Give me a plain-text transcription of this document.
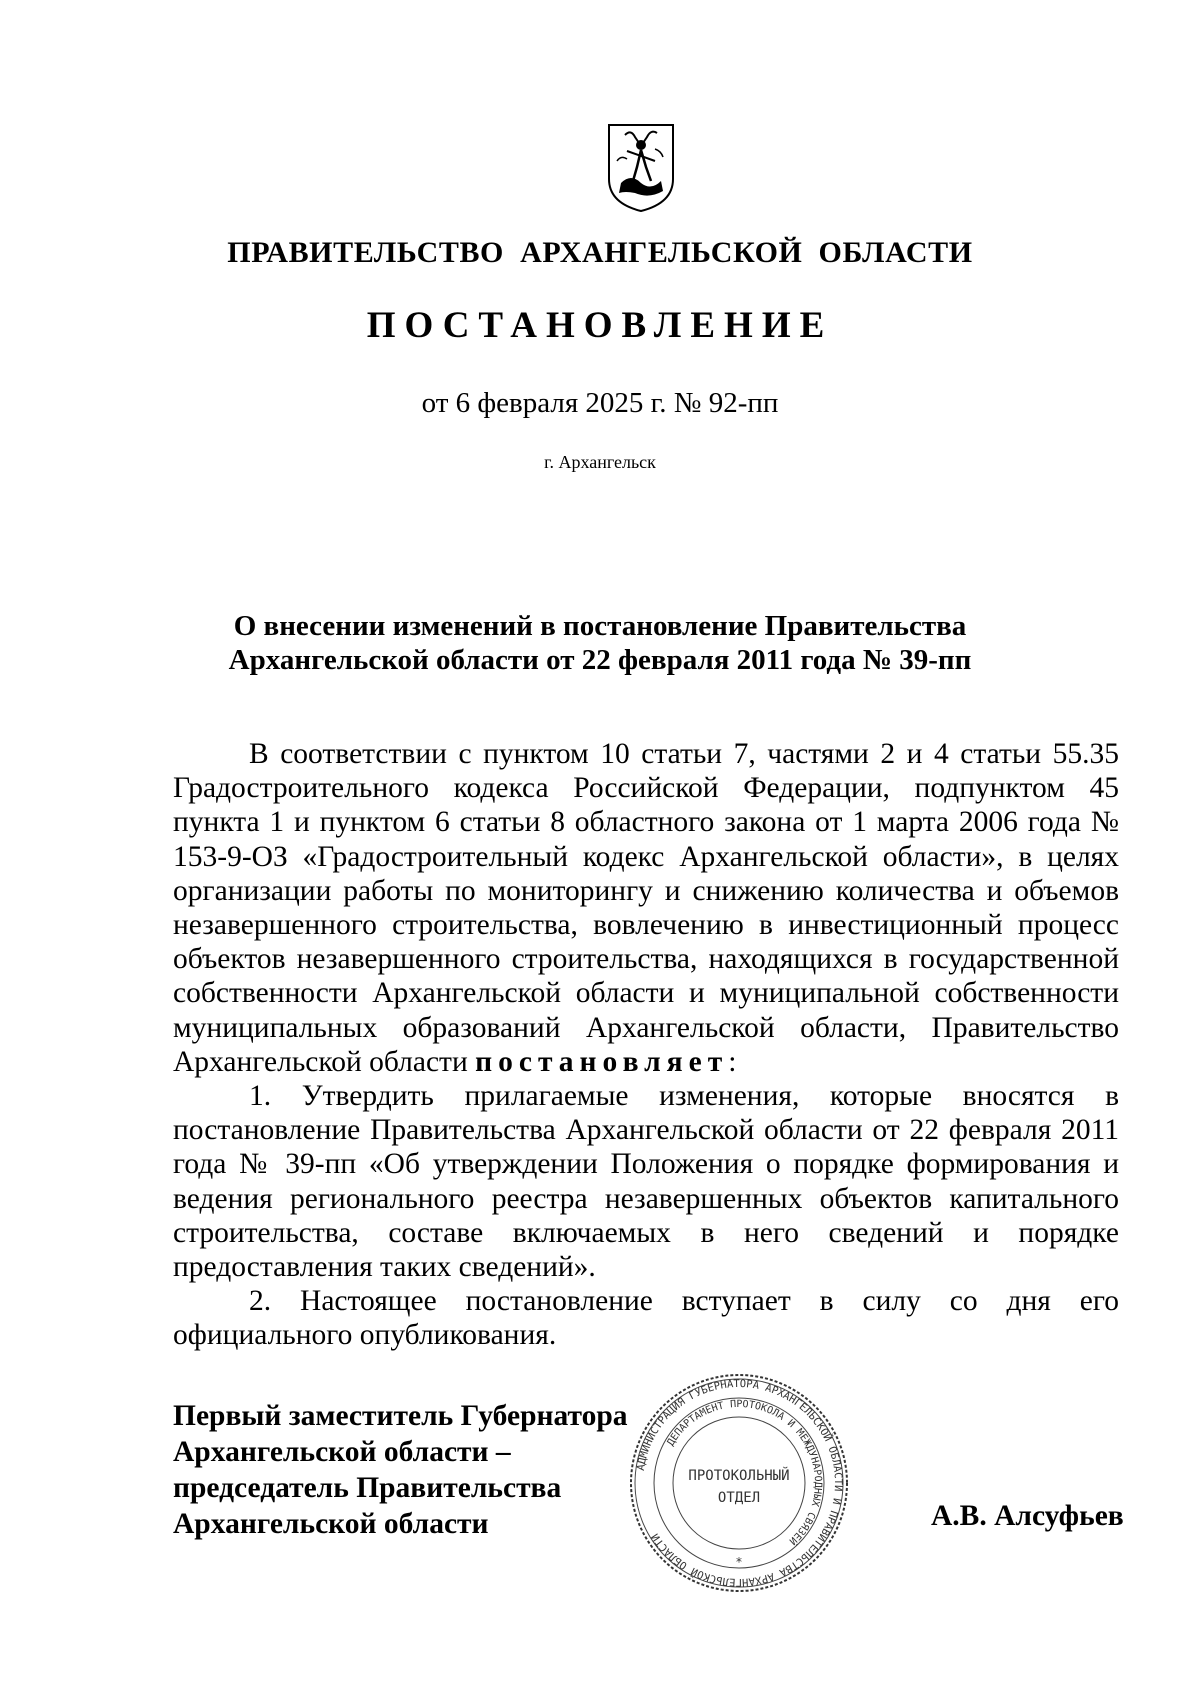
ПРАВИТЕЛЬСТВО АРХАНГЕЛЬСКОЙ ОБЛАСТИ
ПОСТАНОВЛЕНИЕ
от 6 февраля 2025 г. № 92-пп
г. Архангельск
О внесении изменений в постановление Правительства
Архангельской области от 22 февраля 2011 года № 39-пп

В соответствии с пунктом 10 статьи 7, частями 2 и 4 статьи 55.35 Градостроительного кодекса Российской Федерации, подпунктом 45 пункта 1 и пунктом 6 статьи 8 областного закона от 1 марта 2006 года № 153-9-ОЗ «Градостроительный кодекс Архангельской области», в целях организации работы по мониторингу и снижению количества и объемов незавершенного строительства, вовлечению в инвестиционный процесс объектов незавершенного строительства, находящихся в государственной собственности Архангельской области и муниципальной собственности муниципальных образований Архангельской области, Правительство Архангельской области постановляет:

1. Утвердить прилагаемые изменения, которые вносятся в постановление Правительства Архангельской области от 22 февраля 2011 года № 39-пп «Об утверждении Положения о порядке формирования и ведения регионального реестра незавершенных объектов капитального строительства, составе включаемых в него сведений и порядке предоставления таких сведений».

2. Настоящее постановление вступает в силу со дня его официального опубликования.

Первый заместитель Губернатора
Архангельской области –
председатель Правительства
Архангельской области
АДМИНИСТРАЦИЯ ГУБЕРНАТОРА АРХАНГЕЛЬСКОЙ ОБЛАСТИ И ПРАВИТЕЛЬСТВА АРХАНГЕЛЬСКОЙ ОБЛАСТИ
ДЕПАРТАМЕНТ ПРОТОКОЛА И МЕЖДУНАРОДНЫХ СВЯЗЕЙ
ПРОТОКОЛЬНЫЙ
ОТДЕЛ
*
А.В. Алсуфьев
